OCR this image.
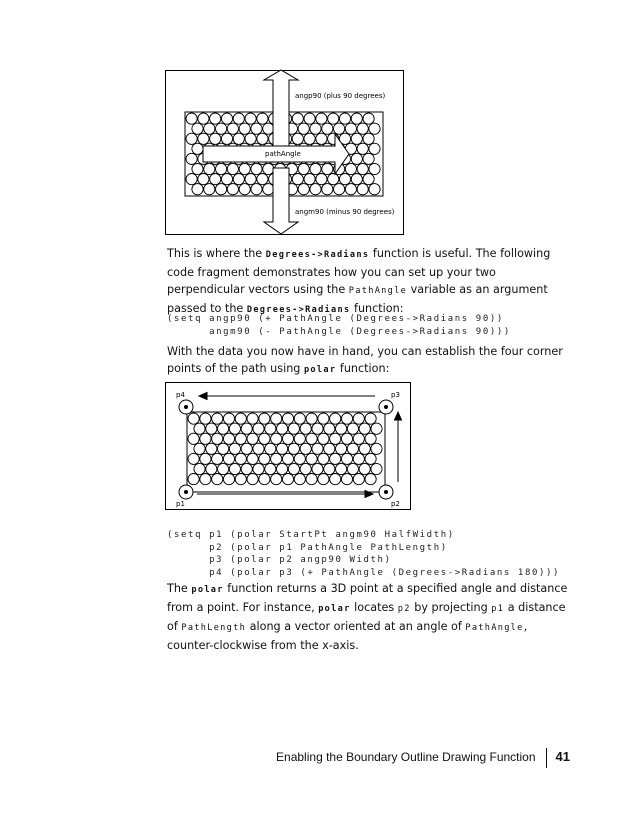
angp90 (plus 90 degrees)
pathAngle
angm90 (minus 90 degrees)

This is where the Degrees->Radians function is useful. The following code fragment demonstrates how you can set up your two perpendicular vectors using the PathAngle variable as an argument passed to the Degrees->Radians function:

(setq angp90 (+ PathAngle (Degrees->Radians 90))
angm90 (- PathAngle (Degrees->Radians 90)))

With the data you now have in hand, you can establish the four corner points of the path using polar function:

p4	p3
p1	p2
(setq p1 (polar StartPt angm90 HalfWidth)
p2 (polar p1 PathAngle PathLength)
p3 (polar p2 angp90 Width)
p4 (polar p3 (+ PathAngle (Degrees->Radians 180)))

The polar function returns a 3D point at a specified angle and distance from a point. For instance, polar locates p2 by projecting p1 a distance of PathLength along a vector oriented at an angle of PathAngle, counter-clockwise from the x-axis.

Enabling the Boundary Outline Drawing Function 41
